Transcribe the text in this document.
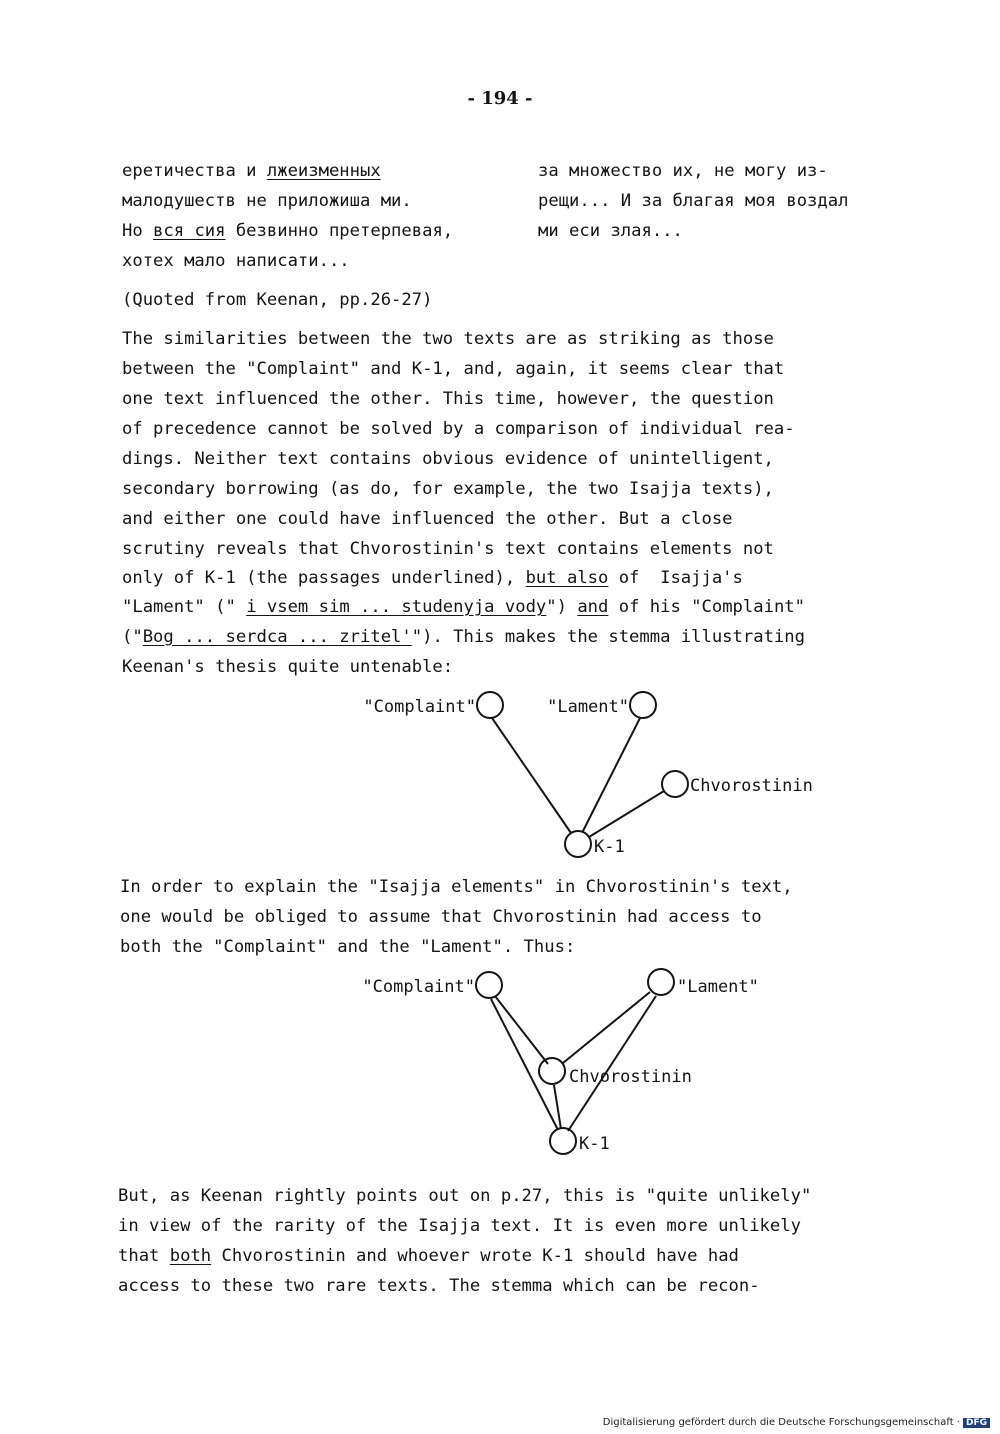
- 194 -
еретичества и лжеизменных
малодушеств не приложиша ми.
Но вся сия безвинно претерпевая,
хотех мало написати...
за множество их, не могу из-
рещи... И за благая моя воздал
ми еси злая...
(Quoted from Keenan, pp.26-27)
The similarities between the two texts are as striking as those
between the "Complaint" and K-1, and, again, it seems clear that
one text influenced the other. This time, however, the question
of precedence cannot be solved by a comparison of individual rea-
dings. Neither text contains obvious evidence of unintelligent,
secondary borrowing (as do, for example, the two Isajja texts),
and either one could have influenced the other. But a close
scrutiny reveals that Chvorostinin's text contains elements not
only of K-1 (the passages underlined), but also of  Isajja's
"Lament" (" i vsem sim ... studenyja vody") and of his "Complaint"
("Bog ... serdca ... zritel'"). This makes the stemma illustrating
Keenan's thesis quite untenable:
"Complaint"	"Lament"
Chvorostinin
K-1
"Complaint"	"Lament"
Chvorostinin
K-1
In order to explain the "Isajja elements" in Chvorostinin's text,
one would be obliged to assume that Chvorostinin had access to
both the "Complaint" and the "Lament". Thus:
But, as Keenan rightly points out on p.27, this is "quite unlikely"
in view of the rarity of the Isajja text. It is even more unlikely
that both Chvorostinin and whoever wrote K-1 should have had
access to these two rare texts. The stemma which can be recon-
Digitalisierung gefördert durch die Deutsche Forschungsgemeinschaft · DFG
